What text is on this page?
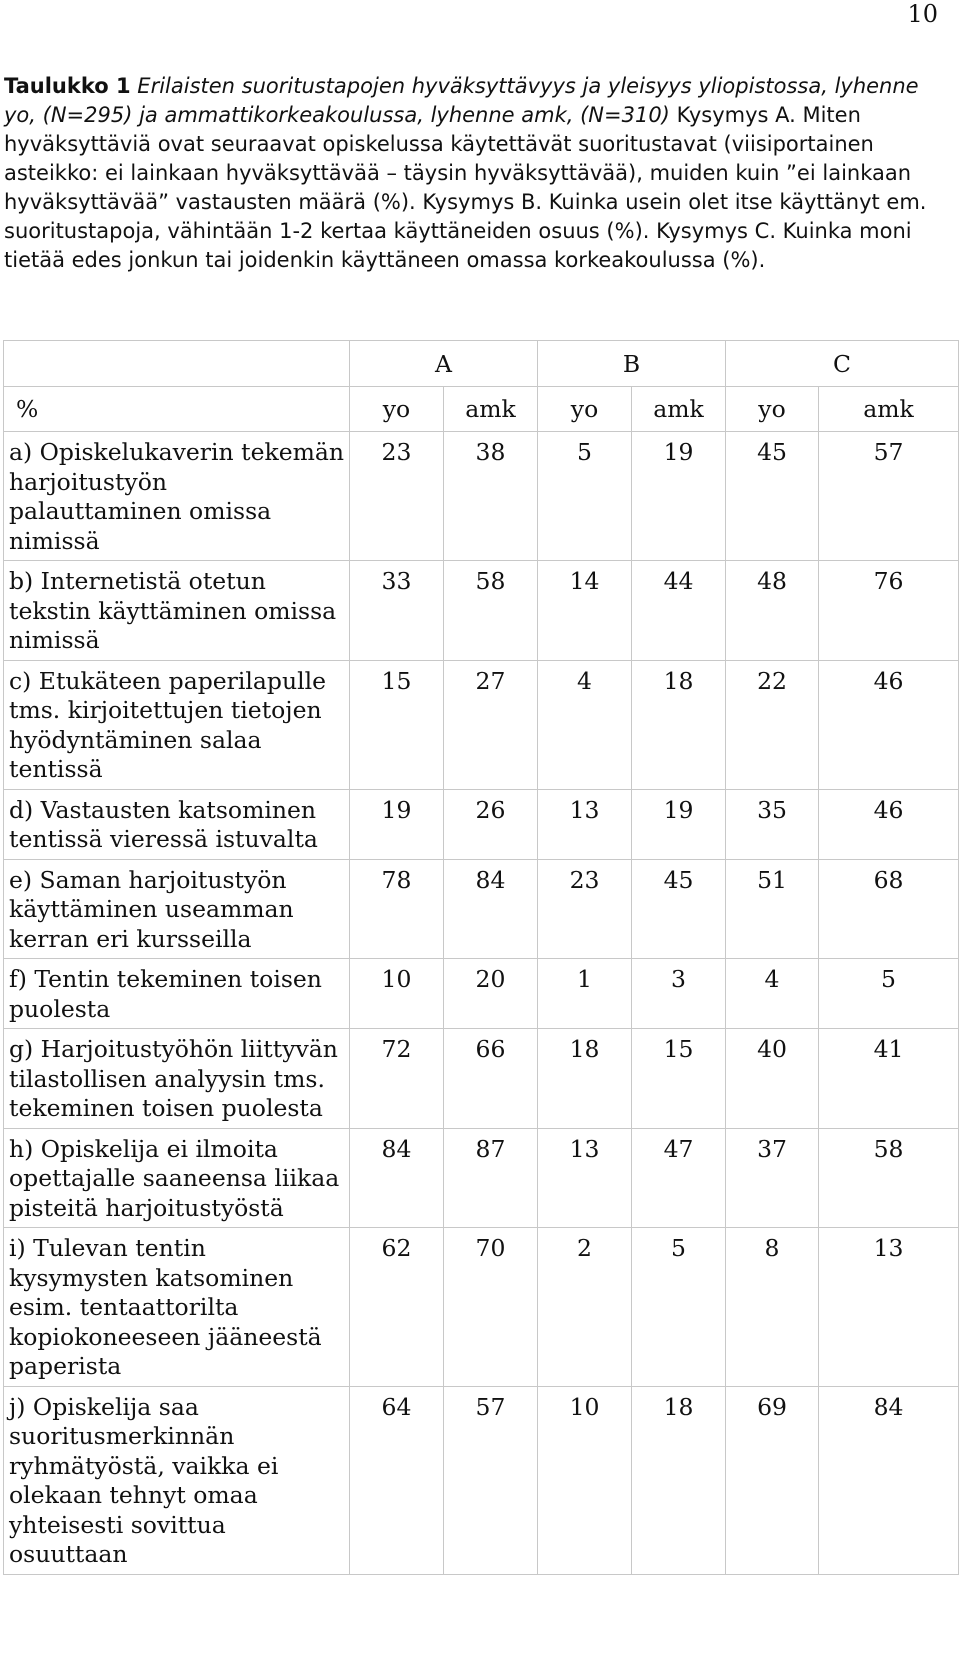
10
Taulukko 1 Erilaisten suoritustapojen hyväksyttävyys ja yleisyys yliopistossa, lyhenne yo, (N=295) ja ammattikorkeakoulussa, lyhenne amk, (N=310) Kysymys A. Miten hyväksyttäviä ovat seuraavat opiskelussa käytettävät suoritustavat (viisiportainen asteikko: ei lainkaan hyväksyttävää – täysin hyväksyttävää), muiden kuin ”ei lainkaan hyväksyttävää” vastausten määrä (%). Kysymys B. Kuinka usein olet itse käyttänyt em. suoritustapoja, vähintään 1-2 kertaa käyttäneiden osuus (%). Kysymys C. Kuinka moni tietää edes jonkun tai joidenkin käyttäneen omassa korkeakoulussa (%).
	A		B		C	
%	yo	amk	yo	amk	yo	amk
a) Opiskelukaverin tekemän harjoitustyön palauttaminen omissa nimissä	23	38	5	19	45	57
b) Internetistä otetun tekstin käyttäminen omissa nimissä	33	58	14	44	48	76
c) Etukäteen paperilapulle tms. kirjoitettujen tietojen hyödyntäminen salaa tentissä	15	27	4	18	22	46
d) Vastausten katsominen tentissä vieressä istuvalta	19	26	13	19	35	46
e) Saman harjoitustyön käyttäminen useamman kerran eri kursseilla	78	84	23	45	51	68
f) Tentin tekeminen toisen puolesta	10	20	1	3	4	5
g) Harjoitustyöhön liittyvän tilastollisen analyysin tms. tekeminen toisen puolesta	72	66	18	15	40	41
h) Opiskelija ei ilmoita opettajalle saaneensa liikaa pisteitä harjoitustyöstä	84	87	13	47	37	58
i) Tulevan tentin kysymysten katsominen esim. tentaattorilta kopiokoneeseen jääneestä paperista	62	70	2	5	8	13
j) Opiskelija saa suoritusmerkinnän ryhmätyöstä, vaikka ei olekaan tehnyt omaa yhteisesti sovittua osuuttaan	64	57	10	18	69	84
